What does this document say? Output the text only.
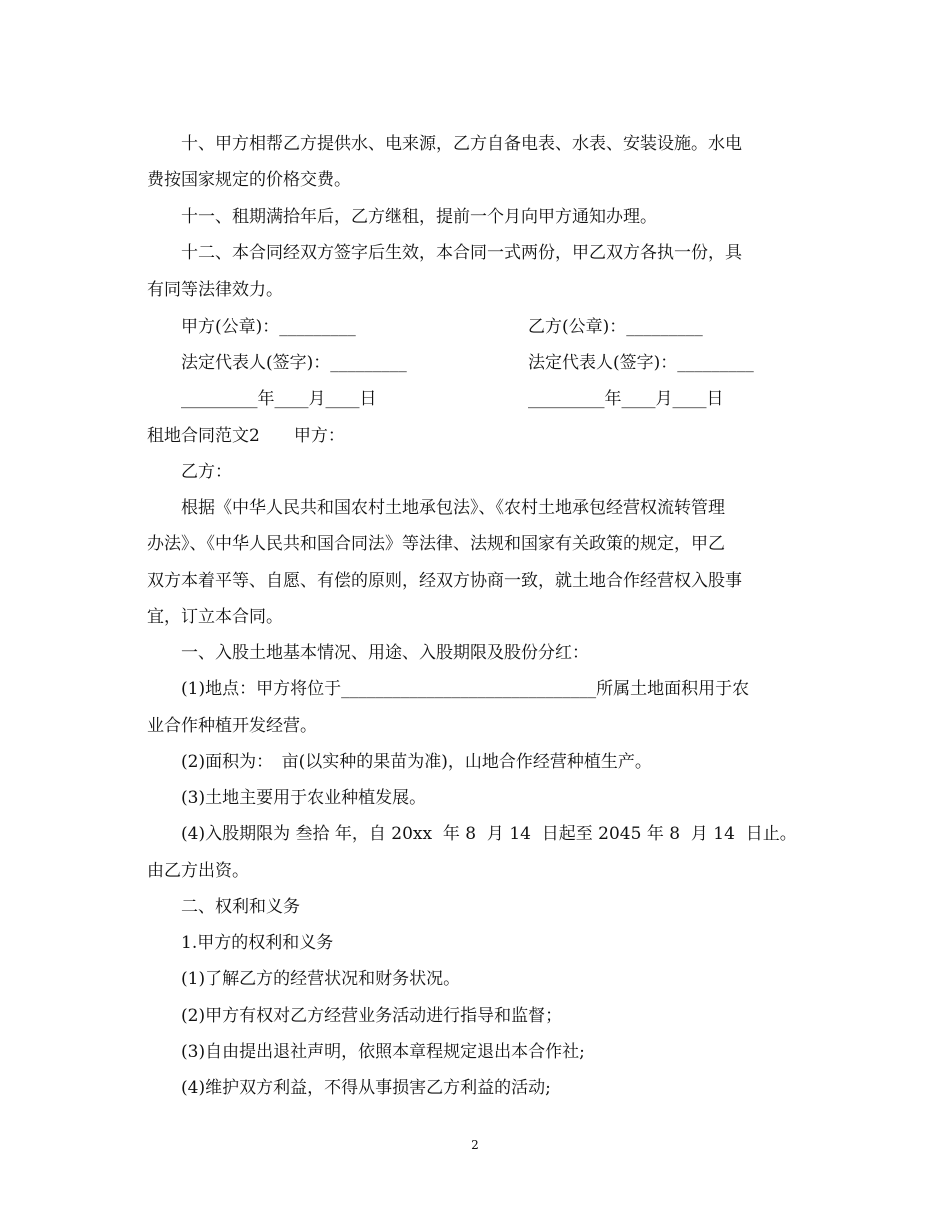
十、甲方相帮乙方提供水、电来源，乙方自备电表、水表、安装设施。水电
费按国家规定的价格交费。
十一、租期满拾年后，乙方继租，提前一个月向甲方通知办理。
十二、本合同经双方签字后生效，本合同一式两份，甲乙双方各执一份，具
有同等法律效力。
甲方(公章)：_________	乙方(公章)：_________
法定代表人(签字)：_________	法定代表人(签字)：_________
_________年____月____日	_________年____月____日
租地合同范文2　　甲方：
乙方：
根据《中华人民共和国农村土地承包法》、《农村土地承包经营权流转管理
办法》、《中华人民共和国合同法》等法律、法规和国家有关政策的规定，甲乙
双方本着平等、自愿、有偿的原则，经双方协商一致，就土地合作经营权入股事
宜，订立本合同。
一、入股土地基本情况、用途、入股期限及股份分红：
(1)地点：甲方将位于______________________________所属土地面积用于农
业合作种植开发经营。
(2)面积为：　亩(以实种的果苗为准)，山地合作经营种植生产。
(3)土地主要用于农业种植发展。
(4)入股期限为 叁拾 年，自 20xx  年 8  月 14  日起至 2045 年 8  月 14  日止。
由乙方出资。
二、权利和义务
1.甲方的权利和义务
(1)了解乙方的经营状况和财务状况。
(2)甲方有权对乙方经营业务活动进行指导和监督；
(3)自由提出退社声明，依照本章程规定退出本合作社;
(4)维护双方利益，不得从事损害乙方利益的活动;
2
